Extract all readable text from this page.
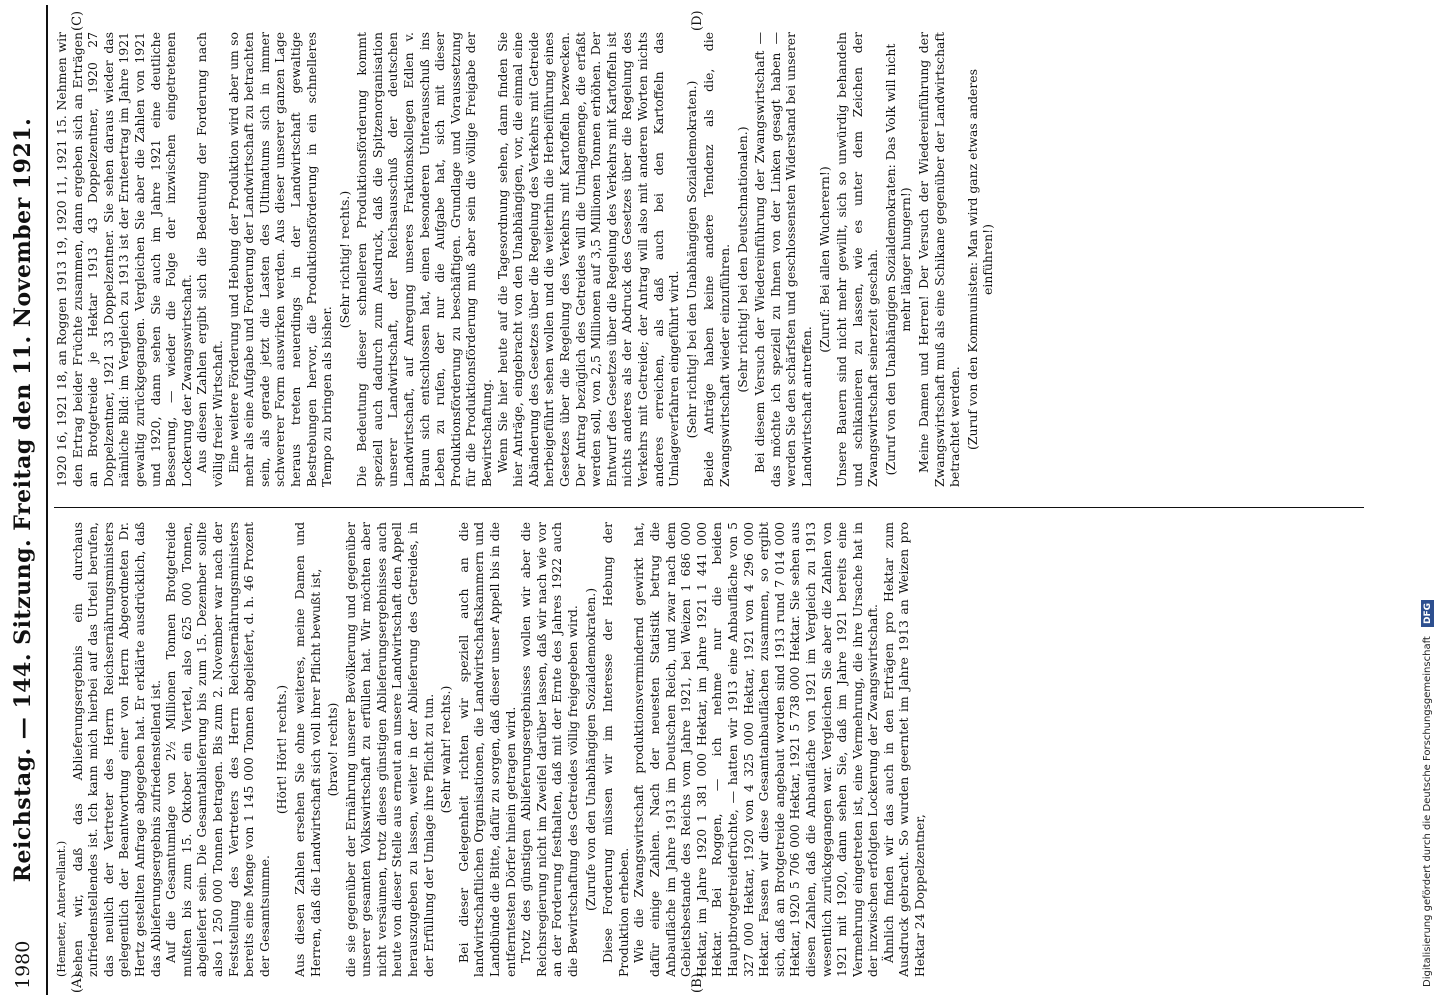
1980
Reichstag. — 144. Sitzung. Freitag den 11. November 1921.
(A)

(Hemeter, Antervellant.) sehen wir, daß das Ablieferungsergebnis ein durchaus zufriedenstellendes ist. Ich kann mich hierbei auf das Urteil berufen, das neulich der Vertreter des Herrn Reichsernährungsministers gelegentlich der Beantwortung einer von Herrn Abgeordneten Dr. Hertz gestellten Anfrage abgegeben hat. Er erklärte ausdrücklich, daß das Ablieferungsergebnis zufriedenstellend ist. Auf die Gesamtumlage von 2½ Millionen Tonnen Brotgetreide mußten bis zum 15. Oktober ein Viertel, also 625 000 Tonnen, abgeliefert sein. Die Gesamtablieferung bis zum 15. Dezember sollte also 1 250 000 Tonnen betragen. Bis zum 2. November war nach der Feststellung des Vertreters des Herrn Reichsernährungsministers bereits eine Menge von 1 145 000 Tonnen abgeliefert, d. h. 46 Prozent der Gesamtsumme.

(Hört! Hört! rechts.) Aus diesen Zahlen ersehen Sie ohne weiteres, meine Damen und Herren, daß die Landwirtschaft sich voll ihrer Pflicht bewußt ist, (bravo! rechts) die sie gegenüber der Ernährung unserer Bevölkerung und gegenüber unserer gesamten Volkswirtschaft zu erfüllen hat. Wir möchten aber nicht versäumen, trotz dieses günstigen Ablieferungsergebnisses auch heute von dieser Stelle aus erneut an unsere Landwirtschaft den Appell herauszugeben zu lassen, weiter in der Ablieferung des Getreides, in der Erfüllung der Umlage ihre Pflicht zu tun. (Sehr wahr! rechts.) Bei dieser Gelegenheit richten wir speziell auch an die landwirtschaftlichen Organisationen, die Landwirtschaftskammern und Landbünde die Bitte, dafür zu sorgen, daß dieser unser Appell bis in die entferntesten Dörfer hinein getragen wird. Trotz des günstigen Ablieferungsergebnisses wollen wir aber die Reichsregierung nicht im Zweifel darüber lassen, daß wir nach wie vor an der Forderung festhalten, daß mit der Ernte des Jahres 1922 auch die Bewirtschaftung des Getreides völlig freigegeben wird. (Zurufe von den Unabhängigen Sozialdemokraten.) Diese Forderung müssen wir im Interesse der Hebung der Produktion erheben. Wie die Zwangswirtschaft produktionsvermindernd gewirkt hat, dafür einige Zahlen. Nach der neuesten Statistik betrug die Anbaufläche im Jahre 1913 im Deutschen Reich, und zwar nach dem Gebietsbestande des Reichs vom Jahre 1921, bei Weizen 1 686 000 Hektar, im Jahre 1920 1 381 000 Hektar, im Jahre 1921 1 441 000 Hektar. Bei Roggen, — ich nehme nur die beiden Hauptbrotgetreidefrüchte, — hatten wir 1913 eine Anbaufläche von 5 327 000 Hektar, 1920 von 4 325 000 Hektar, 1921 von 4 296 000 Hektar. Fassen wir diese Gesamtanbauflächen zusammen, so ergibt sich, daß an Brotgetreide angebaut worden sind 1913 rund 7 014 000 Hektar, 1920 5 706 000 Hektar, 1921 5 738 000 Hektar. Sie sehen aus diesen Zahlen, daß die Anbaufläche von 1921 im Vergleich zu 1913 wesentlich zurückgegangen war. Vergleichen Sie aber die Zahlen von 1921 mit 1920, dann sehen Sie, daß im Jahre 1921 bereits eine Vermehrung eingetreten ist, eine Vermehrung, die ihre Ursache hat in der inzwischen erfolgten Lockerung der Zwangswirtschaft. Ähnlich finden wir das auch in den Erträgen pro Hektar zum Ausdruck gebracht. So wurden geerntet im Jahre 1913 an Weizen pro Hektar 24 Doppelzentner,

(B)

1920 16, 1921 18, an Roggen 1913 19, 1920 11, 1921 15. Nehmen wir den Ertrag beider Früchte zusammen, dann ergeben sich an Erträgen an Brotgetreide je Hektar 1913 43 Doppelzentner, 1920 27 Doppelzentner, 1921 33 Doppelzentner. Sie sehen daraus wieder das nämliche Bild: im Vergleich zu 1913 ist der Ernteertrag im Jahre 1921 gewaltig zurückgegangen. Vergleichen Sie aber die Zahlen von 1921 und 1920, dann sehen Sie auch im Jahre 1921 eine deutliche Besserung, — wieder die Folge der inzwischen eingetretenen Lockerung der Zwangswirtschaft. Aus diesen Zahlen ergibt sich die Bedeutung der Forderung nach völlig freier Wirtschaft. Eine weitere Förderung und Hebung der Produktion wird aber um so mehr als eine Aufgabe und Forderung der Landwirtschaft zu betrachten sein, als gerade jetzt die Lasten des Ultimatums sich in immer schwererer Form auswirken werden. Aus dieser unserer ganzen Lage heraus treten neuerdings in der Landwirtschaft gewaltige Bestrebungen hervor, die Produktionsförderung in ein schnelleres Tempo zu bringen als bisher.

(Sehr richtig! rechts.) Die Bedeutung dieser schnelleren Produktionsförderung kommt speziell auch dadurch zum Ausdruck, daß die Spitzenorganisation unserer Landwirtschaft, der Reichsausschuß der deutschen Landwirtschaft, auf Anregung unseres Fraktionskollegen Edlen v. Braun sich entschlossen hat, einen besonderen Unterausschuß ins Leben zu rufen, der nur die Aufgabe hat, sich mit dieser Produktionsförderung zu beschäftigen. Grundlage und Voraussetzung für die Produktionsförderung muß aber sein die völlige Freigabe der Bewirtschaftung. Wenn Sie hier heute auf die Tagesordnung sehen, dann finden Sie hier Anträge, eingebracht von den Unabhängigen, vor, die einmal eine Abänderung des Gesetzes über die Regelung des Verkehrs mit Getreide herbeigeführt sehen wollen und die weiterhin die Herbeiführung eines Gesetzes über die Regelung des Verkehrs mit Kartoffeln bezwecken. Der Antrag bezüglich des Getreides will die Umlagemenge, die erfaßt werden soll, von 2,5 Millionen auf 3,5 Millionen Tonnen erhöhen. Der Entwurf des Gesetzes über die Regelung des Verkehrs mit Kartoffeln ist nichts anderes als der Abdruck des Gesetzes über die Regelung des Verkehrs mit Getreide; der Antrag will also mit anderen Worten nichts anderes erreichen, als daß auch bei den Kartoffeln das Umlageverfahren eingeführt wird. (Sehr richtig! bei den Unabhängigen Sozialdemokraten.) Beide Anträge haben keine andere Tendenz als die, die Zwangswirtschaft wieder einzuführen. (Sehr richtig! bei den Deutschnationalen.) Bei diesem Versuch der Wiedereinführung der Zwangswirtschaft — das möchte ich speziell zu Ihnen von der Linken gesagt haben — werden Sie den schärfsten und geschlossensten Widerstand bei unserer Landwirtschaft antreffen.

(Zuruf: Bei allen Wucherern!) Unsere Bauern sind nicht mehr gewillt, sich so unwürdig behandeln und schikanieren zu lassen, wie es unter dem Zeichen der Zwangswirtschaft seinerzeit geschah. (Zuruf von den Unabhängigen Sozialdemokraten: Das Volk will nicht mehr länger hungern!) Meine Damen und Herren! Der Versuch der Wiedereinführung der Zwangswirtschaft muß als eine Schikane gegenüber der Landwirtschaft betrachtet werden. (Zuruf von den Kommunisten: Man wird ganz etwas anderes einführen!)

(C)	(D)
Digitalisierung gefördert durch die Deutsche Forschungsgemeinschaft DFG
